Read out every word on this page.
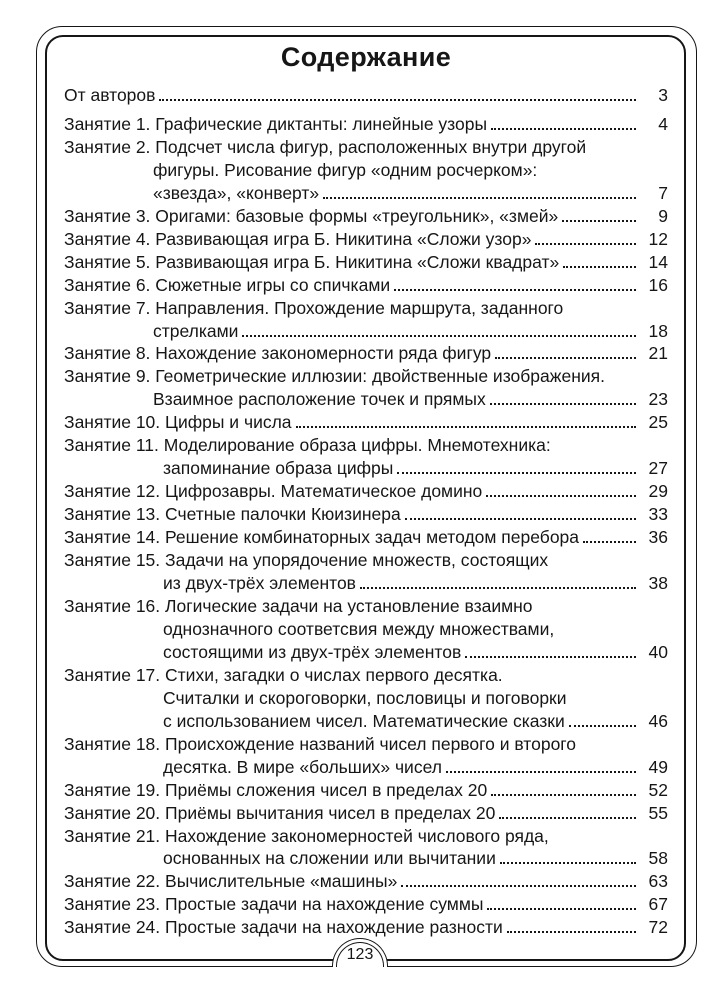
Содержание
От авторов	3
Занятие 1. Графические диктанты: линейные узоры	4
Занятие 2. Подсчет числа фигур, расположенных внутри другой
фигуры. Рисование фигур «одним росчерком»:
«звезда», «конверт»	7
Занятие 3. Оригами: базовые формы «треугольник», «змей»	9
Занятие 4. Развивающая игра Б. Никитина «Сложи узор»	12
Занятие 5. Развивающая игра Б. Никитина «Сложи квадрат»	14
Занятие 6. Сюжетные игры со спичками	16
Занятие 7. Направления. Прохождение маршрута, заданного
стрелками	18
Занятие 8. Нахождение закономерности ряда фигур	21
Занятие 9. Геометрические иллюзии: двойственные изображения.
Взаимное расположение точек и прямых	23
Занятие 10. Цифры и числа	25
Занятие 11. Моделирование образа цифры. Мнемотехника:
запоминание образа цифры	27
Занятие 12. Цифрозавры. Математическое домино	29
Занятие 13. Счетные палочки Кюизинера	33
Занятие 14. Решение комбинаторных задач методом перебора	36
Занятие 15. Задачи на упорядочение множеств, состоящих
из двух-трёх элементов	38
Занятие 16. Логические задачи на установление взаимно
однозначного соответсвия между множествами,
состоящими из двух-трёх элементов	40
Занятие 17. Стихи, загадки о числах первого десятка.
Считалки и скороговорки, пословицы и поговорки
с использованием чисел. Математические сказки	46
Занятие 18. Происхождение названий чисел первого и второго
десятка. В мире «больших» чисел	49
Занятие 19. Приёмы сложения чисел в пределах 20	52
Занятие 20. Приёмы вычитания чисел в пределах 20	55
Занятие 21. Нахождение закономерностей числового ряда,
основанных на сложении или вычитании	58
Занятие 22. Вычислительные «машины»	63
Занятие 23. Простые задачи на нахождение суммы	67
Занятие 24. Простые задачи на нахождение разности	72
123
